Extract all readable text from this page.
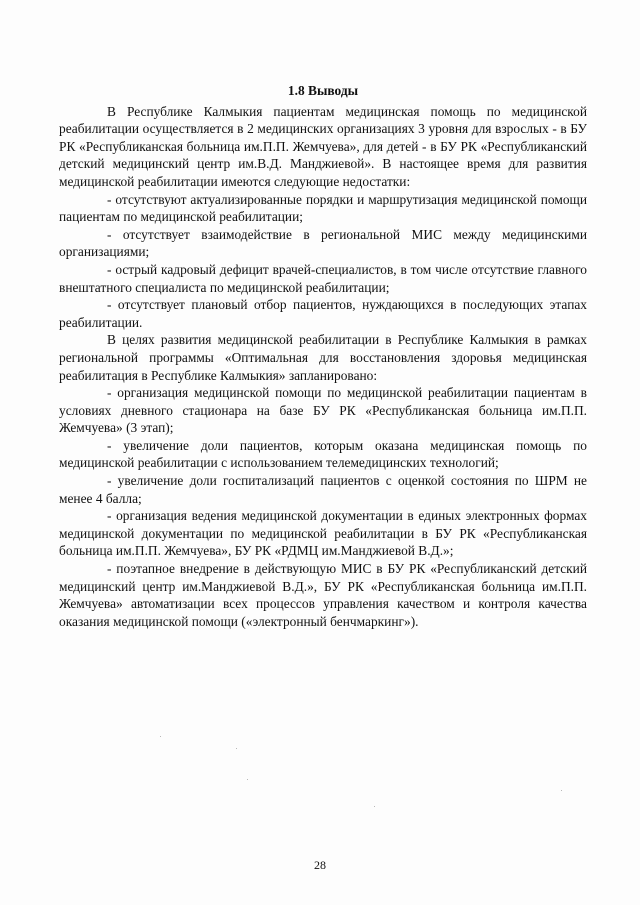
1.8 Выводы

В Республике Калмыкия пациентам медицинская помощь по медицинской реабилитации осуществляется в 2 медицинских организациях 3 уровня для взрослых - в БУ РК «Республиканская больница им.П.П. Жемчуева», для детей - в БУ РК «Республиканский детский медицинский центр им.В.Д. Манджиевой». В настоящее время для развития медицинской реабилитации имеются следующие недостатки:

- отсутствуют актуализированные порядки и маршрутизация медицинской помощи пациентам по медицинской реабилитации;

- отсутствует взаимодействие в региональной МИС между медицинскими организациями;

- острый кадровый дефицит врачей-специалистов, в том числе отсутствие главного внештатного специалиста по медицинской реабилитации;

- отсутствует плановый отбор пациентов, нуждающихся в последующих этапах реабилитации.

В целях развития медицинской реабилитации в Республике Калмыкия в рамках региональной программы «Оптимальная для восстановления здоровья медицинская реабилитация в Республике Калмыкия» запланировано:

- организация медицинской помощи по медицинской реабилитации пациентам в условиях дневного стационара на базе БУ РК «Республиканская больница им.П.П. Жемчуева» (3 этап);

- увеличение доли пациентов, которым оказана медицинская помощь по медицинской реабилитации с использованием телемедицинских технологий;

- увеличение доли госпитализаций пациентов с оценкой состояния по ШРМ не менее 4 балла;

- организация ведения медицинской документации в единых электронных формах медицинской документации по медицинской реабилитации в БУ РК «Республиканская больница им.П.П. Жемчуева», БУ РК «РДМЦ им.Манджиевой В.Д.»;

- поэтапное внедрение в действующую МИС в БУ РК «Республиканский детский медицинский центр им.Манджиевой В.Д.», БУ РК «Республиканская больница им.П.П. Жемчуева» автоматизации всех процессов управления качеством и контроля качества оказания медицинской помощи («электронный бенчмаркинг»).

28
